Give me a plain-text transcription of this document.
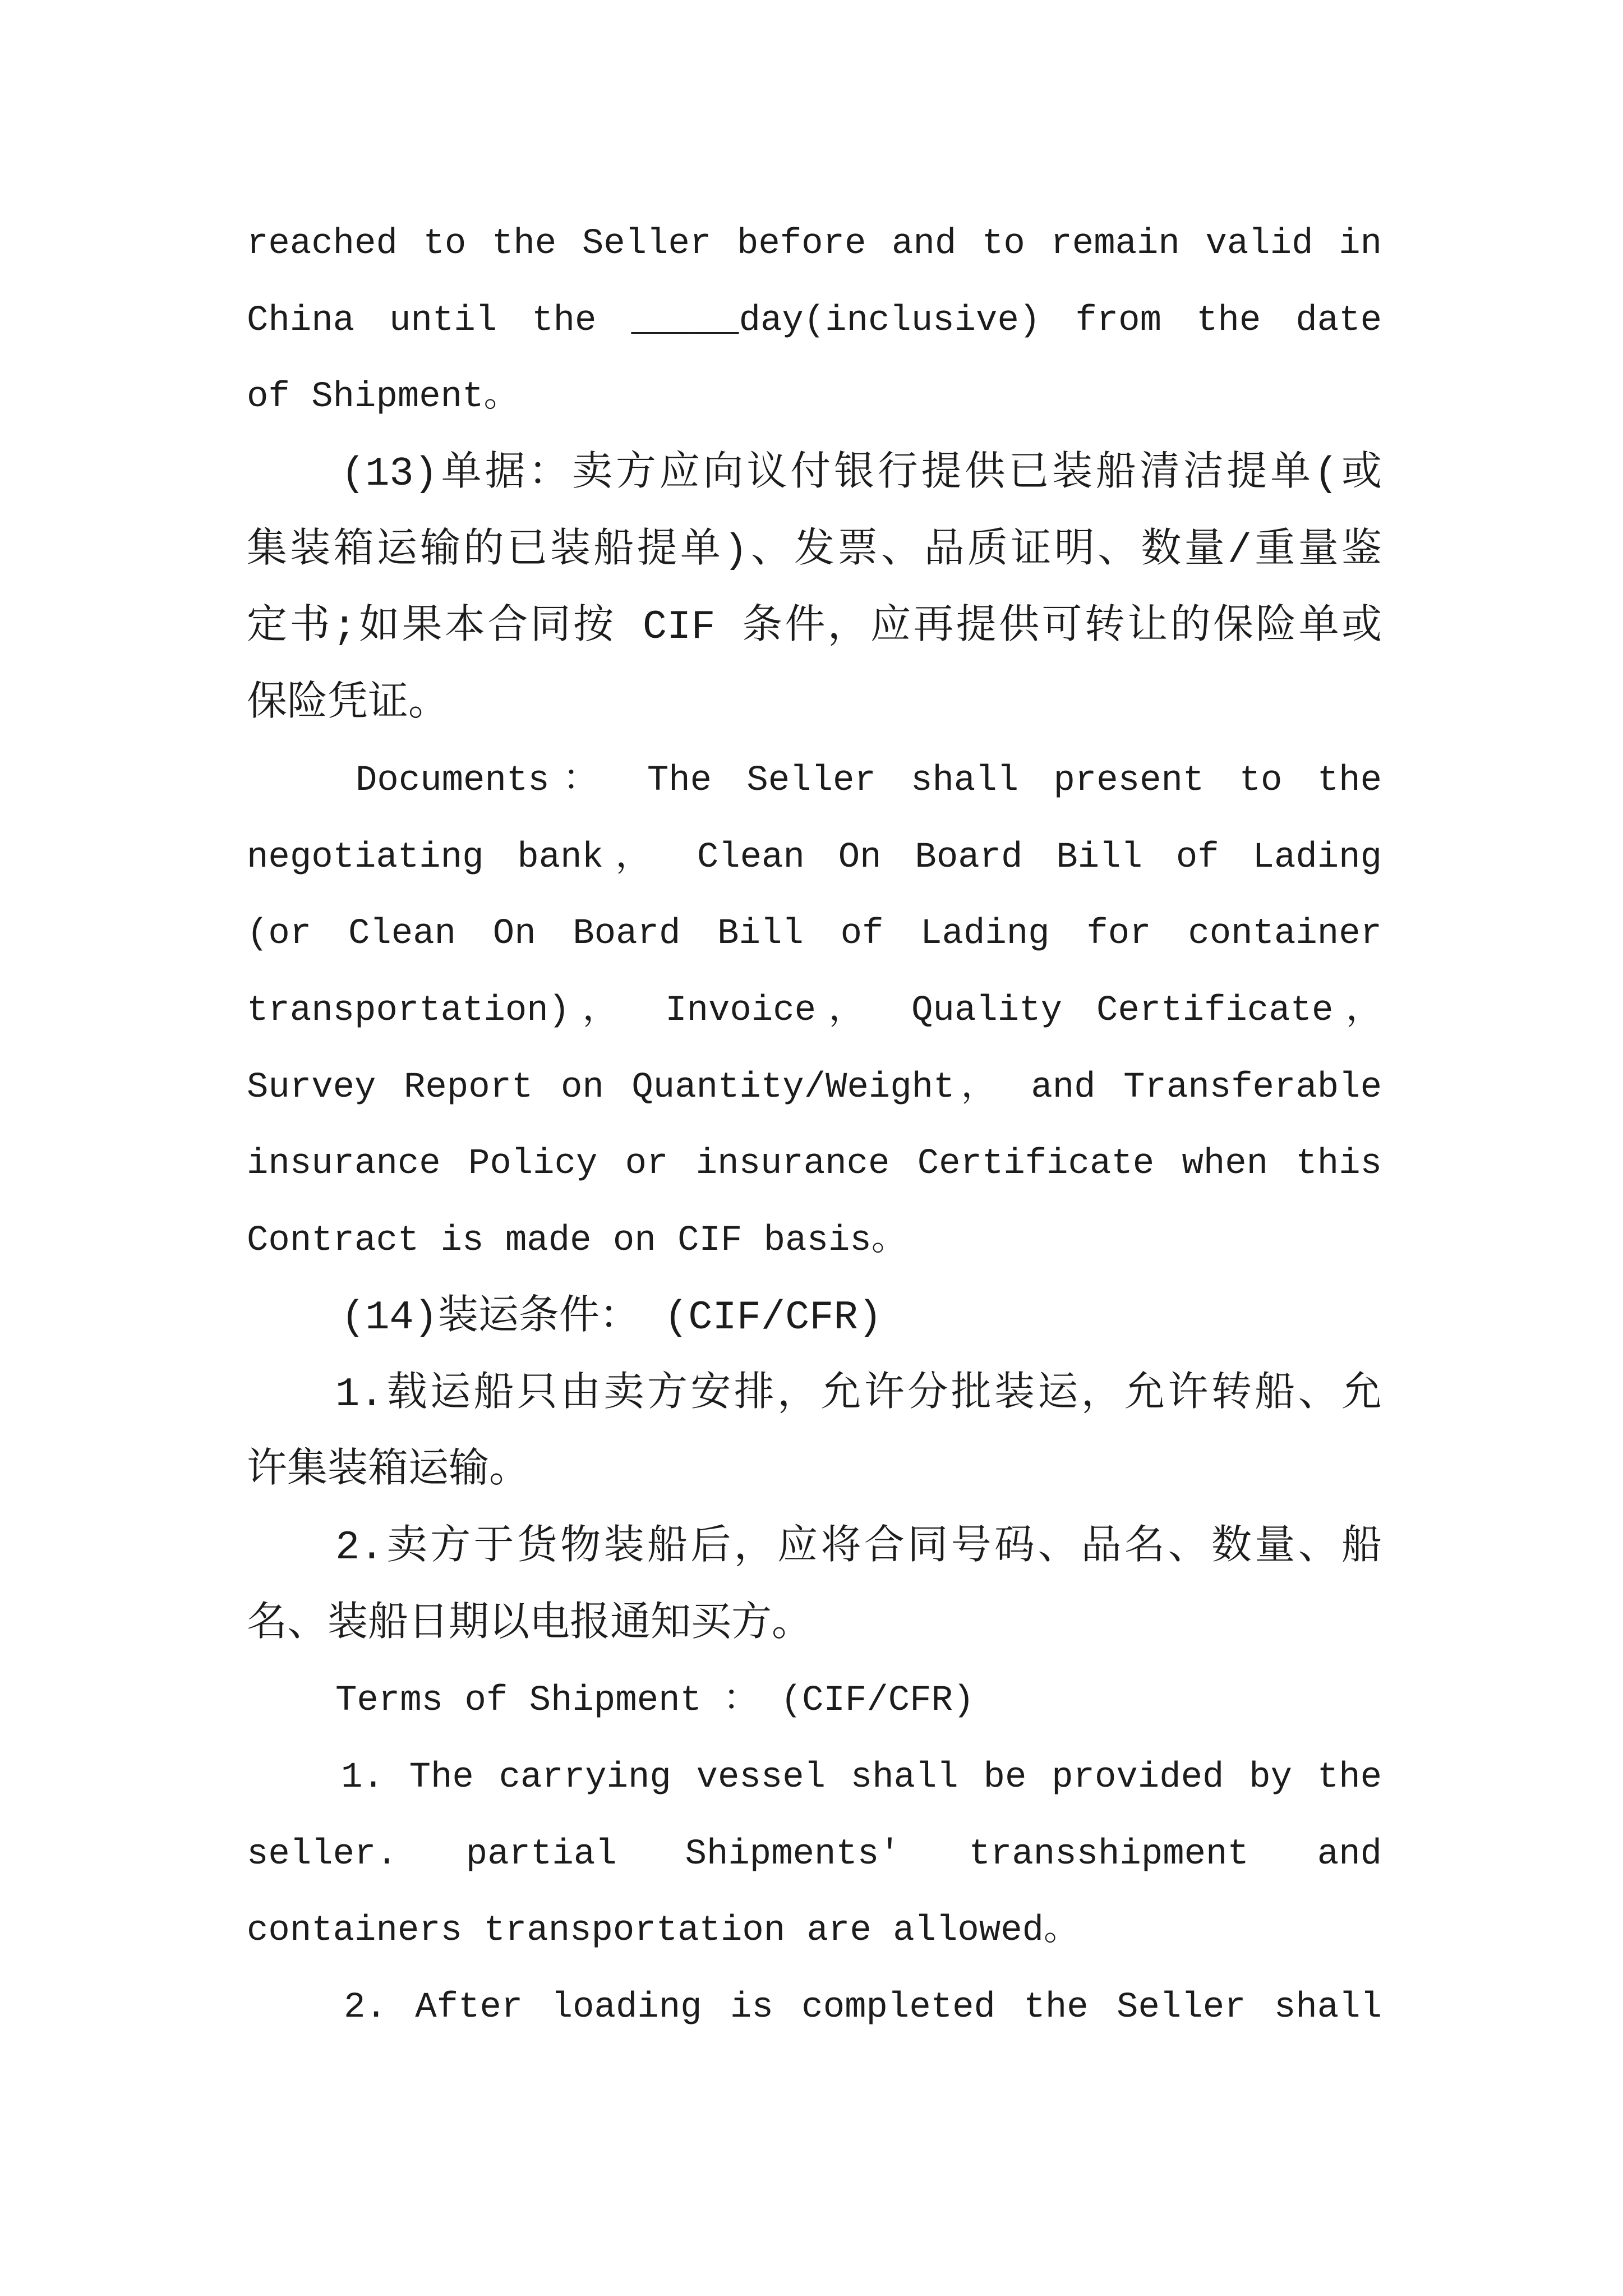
reached to the Seller before and to remain valid in
China until the _____day(inclusive) from the date
of Shipment。
(13)单据：卖方应向议付银行提供已装船清洁提单(或
集装箱运输的已装船提单)、发票、品质证明、数量/重量鉴
定书;如果本合同按 CIF 条件，应再提供可转让的保险单或
保险凭证。
Documents： The Seller shall present to the
negotiating bank， Clean On Board Bill of Lading
(or Clean On Board Bill of Lading for container
transportation)， Invoice， Quality Certificate，
Survey Report on Quantity/Weight， and Transferable
insurance Policy or insurance Certificate when this
Contract is made on CIF basis。
(14)装运条件： (CIF/CFR)
1.载运船只由卖方安排，允许分批装运，允许转船、允
许集装箱运输。
2.卖方于货物装船后，应将合同号码、品名、数量、船
名、装船日期以电报通知买方。
Terms of Shipment ： (CIF/CFR)
1. The carrying vessel shall be provided by the
seller. partial Shipments' transshipment and
containers transportation are allowed。
2. After loading is completed the Seller shall
